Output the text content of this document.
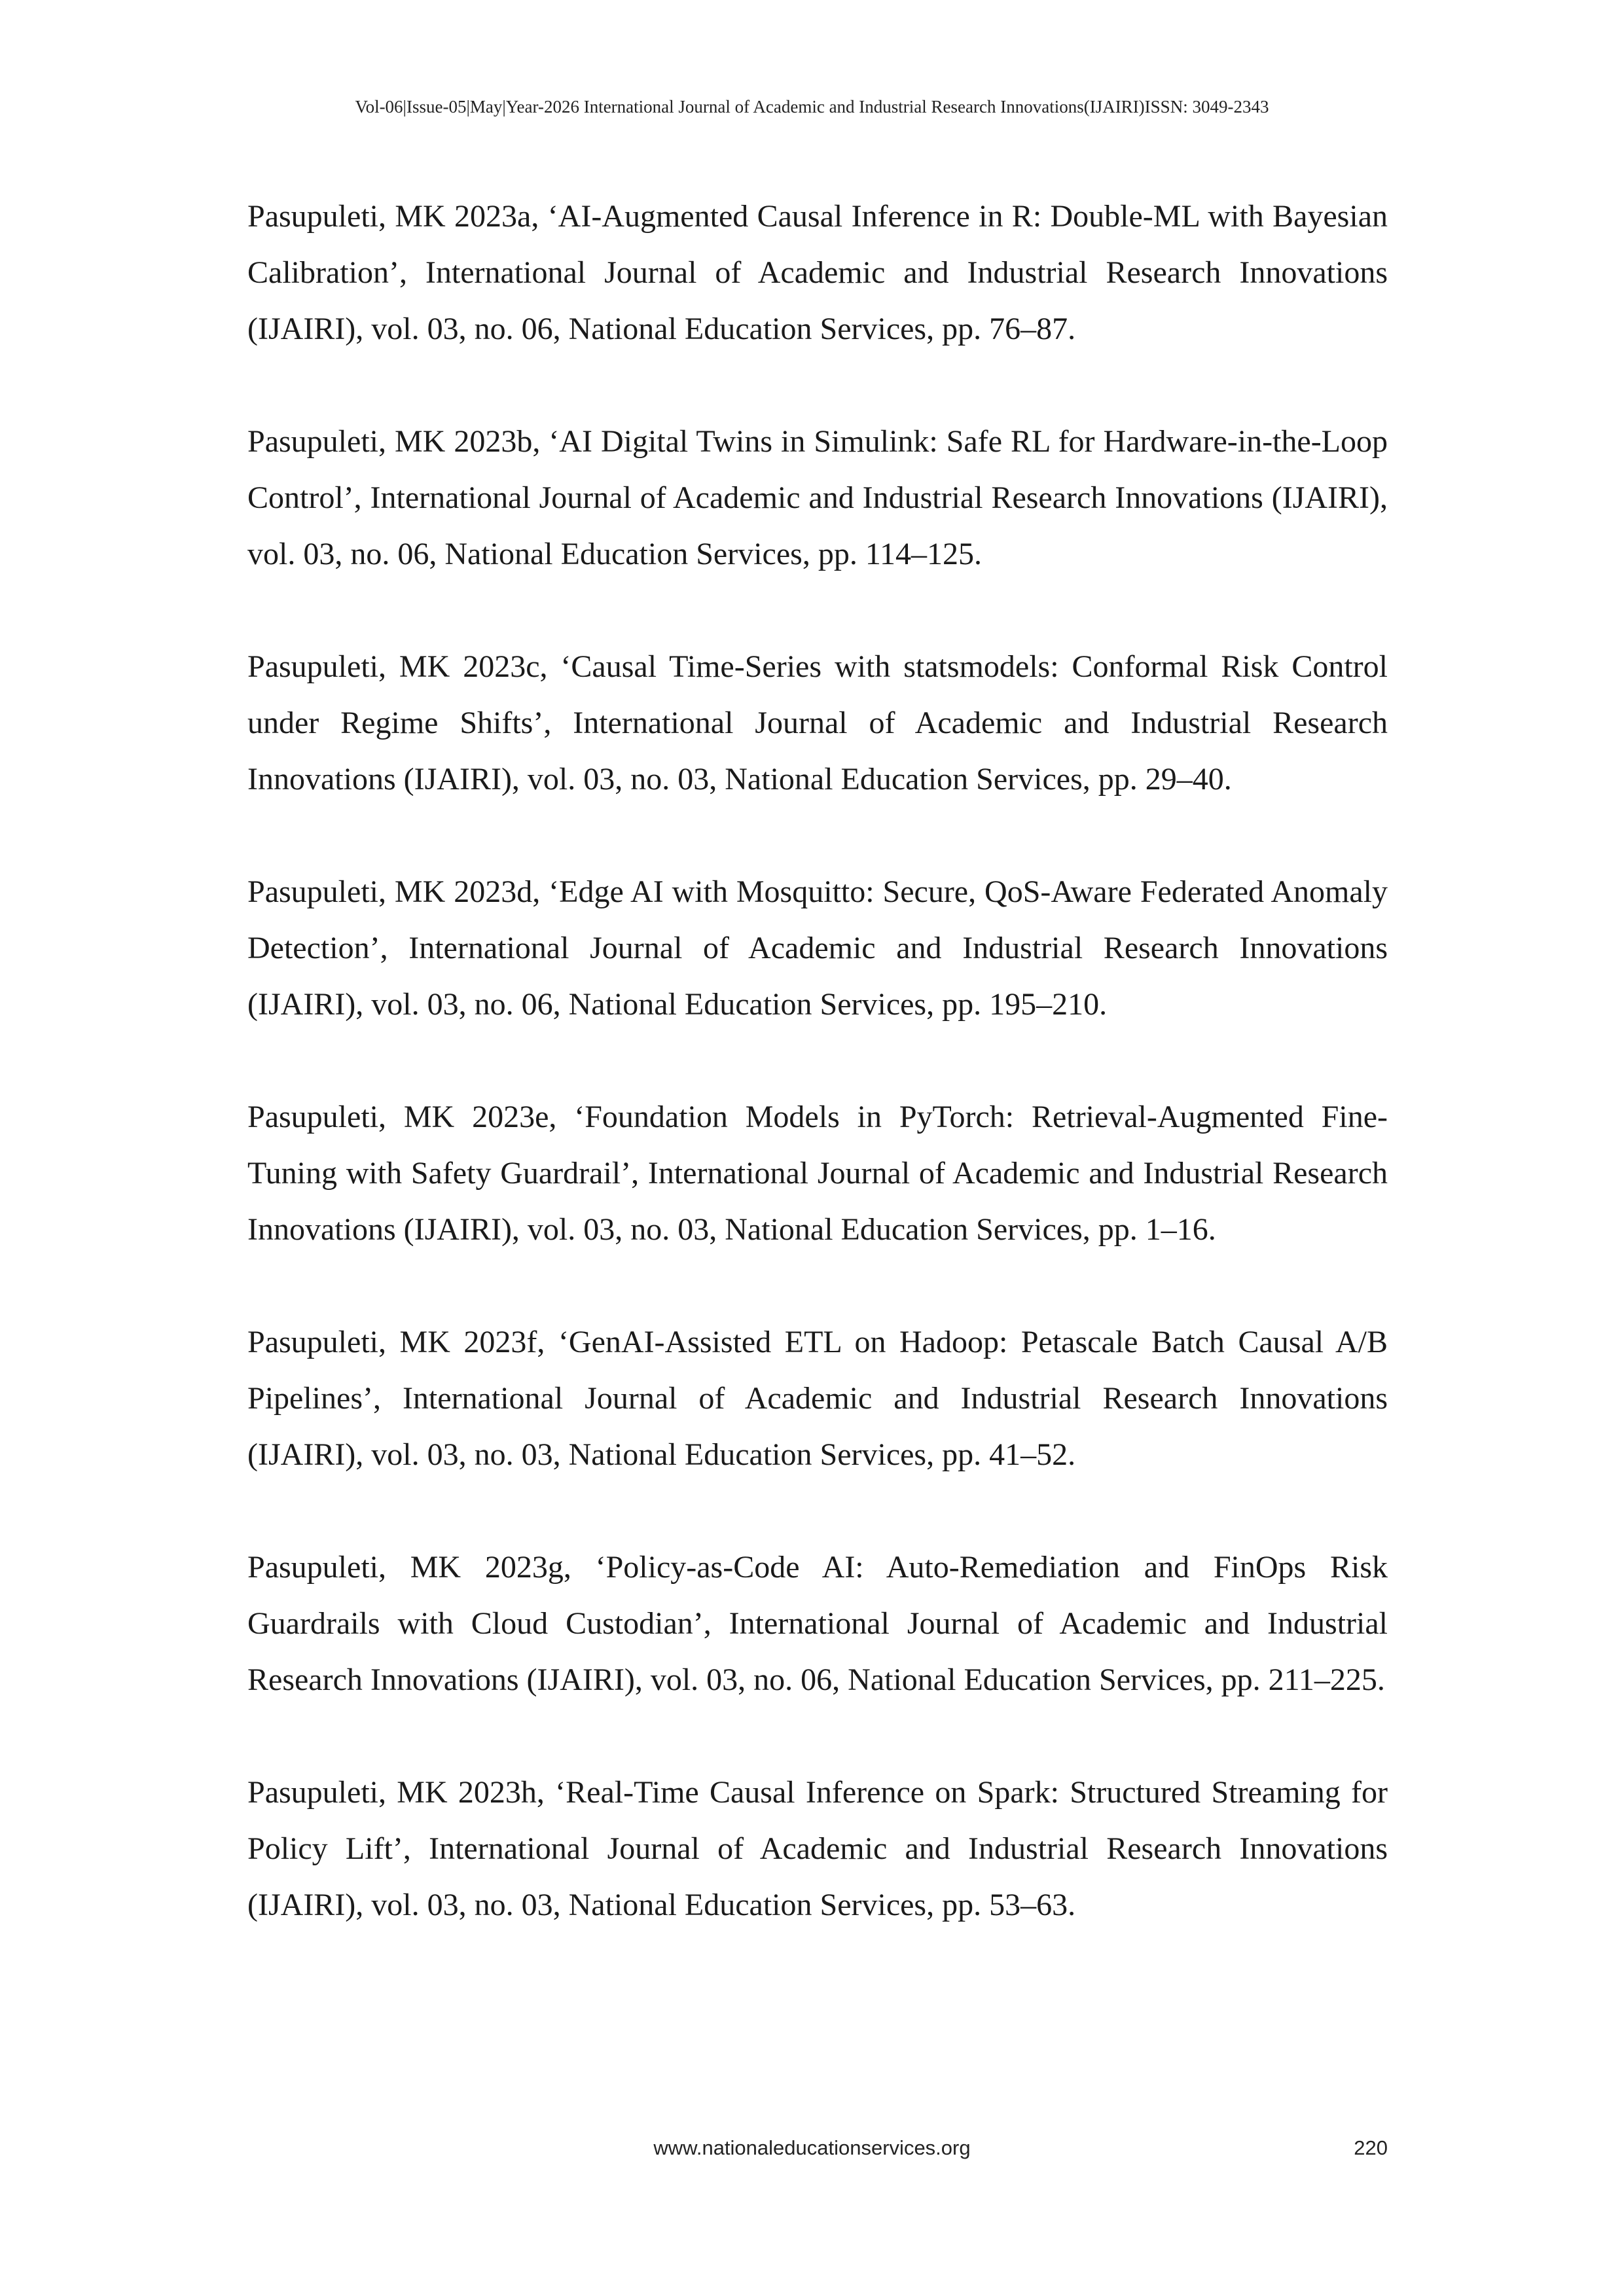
Vol-06|Issue-05|May|Year-2026 International Journal of Academic and Industrial Research Innovations(IJAIRI)ISSN: 3049-2343

Pasupuleti, MK 2023a, ‘AI-Augmented Causal Inference in R: Double-ML with Bayesian Calibration’, International Journal of Academic and Industrial Research Innovations (IJAIRI), vol. 03, no. 06, National Education Services, pp. 76–87.

Pasupuleti, MK 2023b, ‘AI Digital Twins in Simulink: Safe RL for Hardware-in-the-Loop Control’, International Journal of Academic and Industrial Research Innovations (IJAIRI), vol. 03, no. 06, National Education Services, pp. 114–125.

Pasupuleti, MK 2023c, ‘Causal Time-Series with statsmodels: Conformal Risk Control under Regime Shifts’, International Journal of Academic and Industrial Research Innovations (IJAIRI), vol. 03, no. 03, National Education Services, pp. 29–40.

Pasupuleti, MK 2023d, ‘Edge AI with Mosquitto: Secure, QoS-Aware Federated Anomaly Detection’, International Journal of Academic and Industrial Research Innovations (IJAIRI), vol. 03, no. 06, National Education Services, pp. 195–210.

Pasupuleti, MK 2023e, ‘Foundation Models in PyTorch: Retrieval-Augmented Fine-Tuning with Safety Guardrail’, International Journal of Academic and Industrial Research Innovations (IJAIRI), vol. 03, no. 03, National Education Services, pp. 1–16.

Pasupuleti, MK 2023f, ‘GenAI-Assisted ETL on Hadoop: Petascale Batch Causal A/B Pipelines’, International Journal of Academic and Industrial Research Innovations (IJAIRI), vol. 03, no. 03, National Education Services, pp. 41–52.

Pasupuleti, MK 2023g, ‘Policy-as-Code AI: Auto-Remediation and FinOps Risk Guardrails with Cloud Custodian’, International Journal of Academic and Industrial Research Innovations (IJAIRI), vol. 03, no. 06, National Education Services, pp. 211–225.

Pasupuleti, MK 2023h, ‘Real-Time Causal Inference on Spark: Structured Streaming for Policy Lift’, International Journal of Academic and Industrial Research Innovations (IJAIRI), vol. 03, no. 03, National Education Services, pp. 53–63.

www.nationaleducationservices.org	220
